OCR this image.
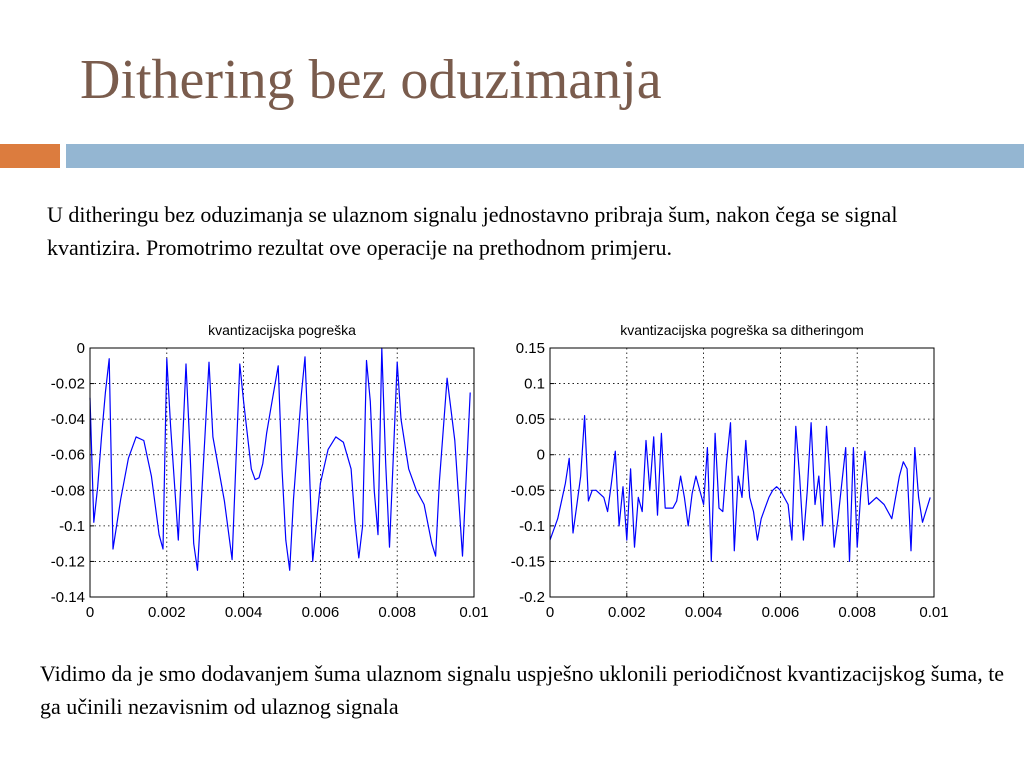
Dithering bez oduzimanja

U ditheringu bez oduzimanja se ulaznom signalu jednostavno pribraja šum, nakon čega se signal kvantizira. Promotrimo rezultat ove operacije na prethodnom primjeru.

kvantizacijska pogreška
0	0.002	0.004	0.006	0.008	0.01
0
-0.02
-0.04
-0.06
-0.08
-0.1
-0.12
-0.14
kvantizacijska pogreška sa ditheringom
0	0.002	0.004	0.006	0.008	0.01
0.15
0.1
0.05
0
-0.05
-0.1
-0.15
-0.2

Vidimo da je smo dodavanjem šuma ulaznom signalu uspješno uklonili periodičnost kvantizacijskog šuma, te ga učinili nezavisnim od ulaznog signala
